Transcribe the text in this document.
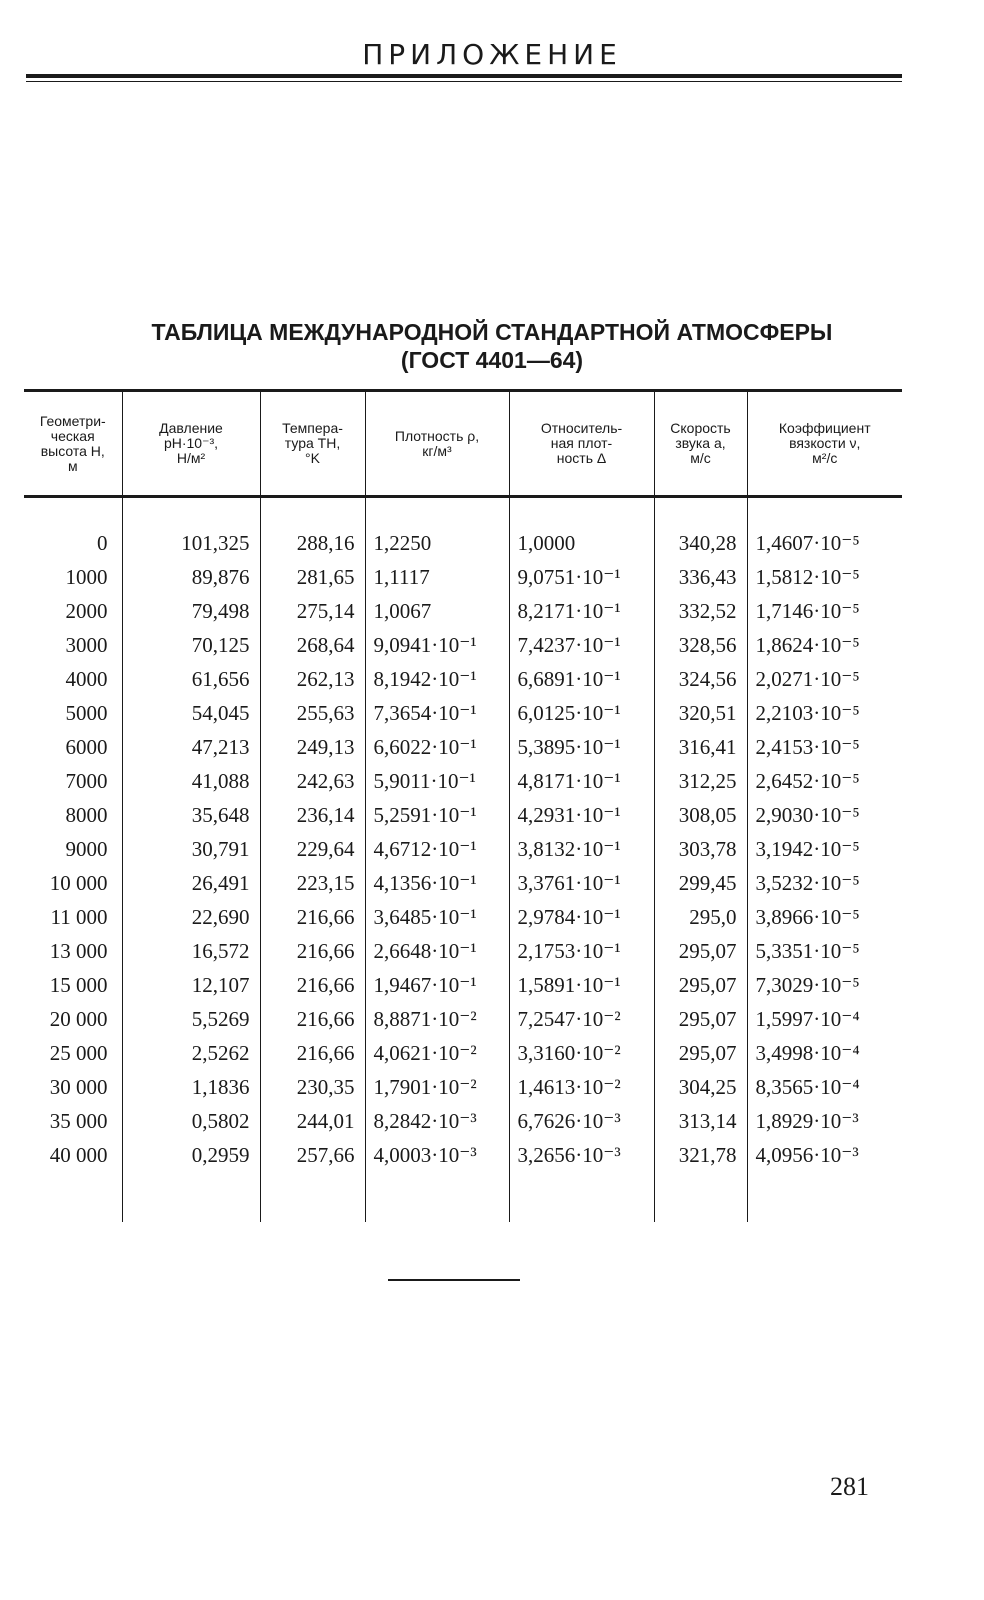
ПРИЛОЖЕНИЕ
ТАБЛИЦА МЕЖДУНАРОДНОЙ СТАНДАРТНОЙ АТМОСФЕРЫ
(ГОСТ 4401—64)
Геометри-
ческая
высота H,
м	Давление
pH·10⁻³,
Н/м²	Темпера-
тура TH,
°K	Плотность ρ,
кг/м³	Относитель-
ная плот-
ность Δ	Скорость
звука a,
м/с	Коэффициент
вязкости ν,
м²/с

0	101,325	288,16	1,2250	1,0000	340,28	1,4607·10⁻⁵
1000	89,876	281,65	1,1117	9,0751·10⁻¹	336,43	1,5812·10⁻⁵
2000	79,498	275,14	1,0067	8,2171·10⁻¹	332,52	1,7146·10⁻⁵
3000	70,125	268,64	9,0941·10⁻¹	7,4237·10⁻¹	328,56	1,8624·10⁻⁵
4000	61,656	262,13	8,1942·10⁻¹	6,6891·10⁻¹	324,56	2,0271·10⁻⁵
5000	54,045	255,63	7,3654·10⁻¹	6,0125·10⁻¹	320,51	2,2103·10⁻⁵
6000	47,213	249,13	6,6022·10⁻¹	5,3895·10⁻¹	316,41	2,4153·10⁻⁵
7000	41,088	242,63	5,9011·10⁻¹	4,8171·10⁻¹	312,25	2,6452·10⁻⁵
8000	35,648	236,14	5,2591·10⁻¹	4,2931·10⁻¹	308,05	2,9030·10⁻⁵
9000	30,791	229,64	4,6712·10⁻¹	3,8132·10⁻¹	303,78	3,1942·10⁻⁵
10 000	26,491	223,15	4,1356·10⁻¹	3,3761·10⁻¹	299,45	3,5232·10⁻⁵
11 000	22,690	216,66	3,6485·10⁻¹	2,9784·10⁻¹	295,0	3,8966·10⁻⁵
13 000	16,572	216,66	2,6648·10⁻¹	2,1753·10⁻¹	295,07	5,3351·10⁻⁵
15 000	12,107	216,66	1,9467·10⁻¹	1,5891·10⁻¹	295,07	7,3029·10⁻⁵
20 000	5,5269	216,66	8,8871·10⁻²	7,2547·10⁻²	295,07	1,5997·10⁻⁴
25 000	2,5262	216,66	4,0621·10⁻²	3,3160·10⁻²	295,07	3,4998·10⁻⁴
30 000	1,1836	230,35	1,7901·10⁻²	1,4613·10⁻²	304,25	8,3565·10⁻⁴
35 000	0,5802	244,01	8,2842·10⁻³	6,7626·10⁻³	313,14	1,8929·10⁻³
40 000	0,2959	257,66	4,0003·10⁻³	3,2656·10⁻³	321,78	4,0956·10⁻³

281
